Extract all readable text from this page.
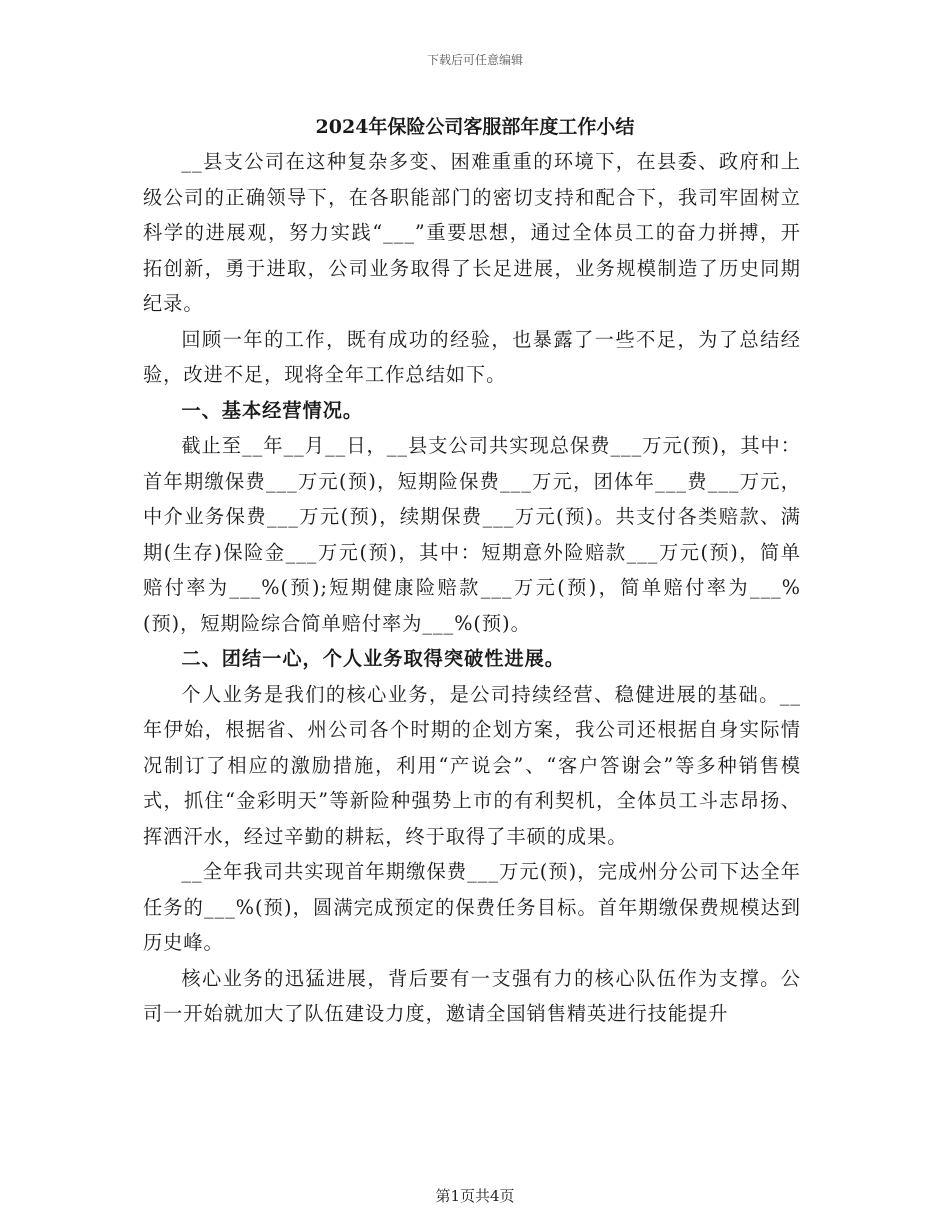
下载后可任意编辑
2024年保险公司客服部年度工作小结

__县支公司在这种复杂多变、困难重重的环境下，在县委、政府和上级公司的正确领导下，在各职能部门的密切支持和配合下，我司牢固树立科学的进展观，努力实践“___”重要思想，通过全体员工的奋力拼搏，开拓创新，勇于进取，公司业务取得了长足进展，业务规模制造了历史同期纪录。

回顾一年的工作，既有成功的经验，也暴露了一些不足，为了总结经验，改进不足，现将全年工作总结如下。

一、基本经营情况。

截止至__年__月__日，__县支公司共实现总保费___万元(预)，其中：首年期缴保费___万元(预)，短期险保费___万元，团体年___费___万元，中介业务保费___万元(预)，续期保费___万元(预)。共支付各类赔款、满期(生存)保险金___万元(预)，其中：短期意外险赔款___万元(预)，简单赔付率为___%(预);短期健康险赔款___万元(预)，简单赔付率为___%(预)，短期险综合简单赔付率为___%(预)。

二、团结一心，个人业务取得突破性进展。

个人业务是我们的核心业务，是公司持续经营、稳健进展的基础。__年伊始，根据省、州公司各个时期的企划方案，我公司还根据自身实际情况制订了相应的激励措施，利用“产说会”、“客户答谢会”等多种销售模式，抓住“金彩明天”等新险种强势上市的有利契机，全体员工斗志昂扬、挥洒汗水，经过辛勤的耕耘，终于取得了丰硕的成果。

__全年我司共实现首年期缴保费___万元(预)，完成州分公司下达全年任务的___%(预)，圆满完成预定的保费任务目标。首年期缴保费规模达到历史峰。

核心业务的迅猛进展，背后要有一支强有力的核心队伍作为支撑。公司一开始就加大了队伍建设力度，邀请全国销售精英进行技能提升

第1页共4页
